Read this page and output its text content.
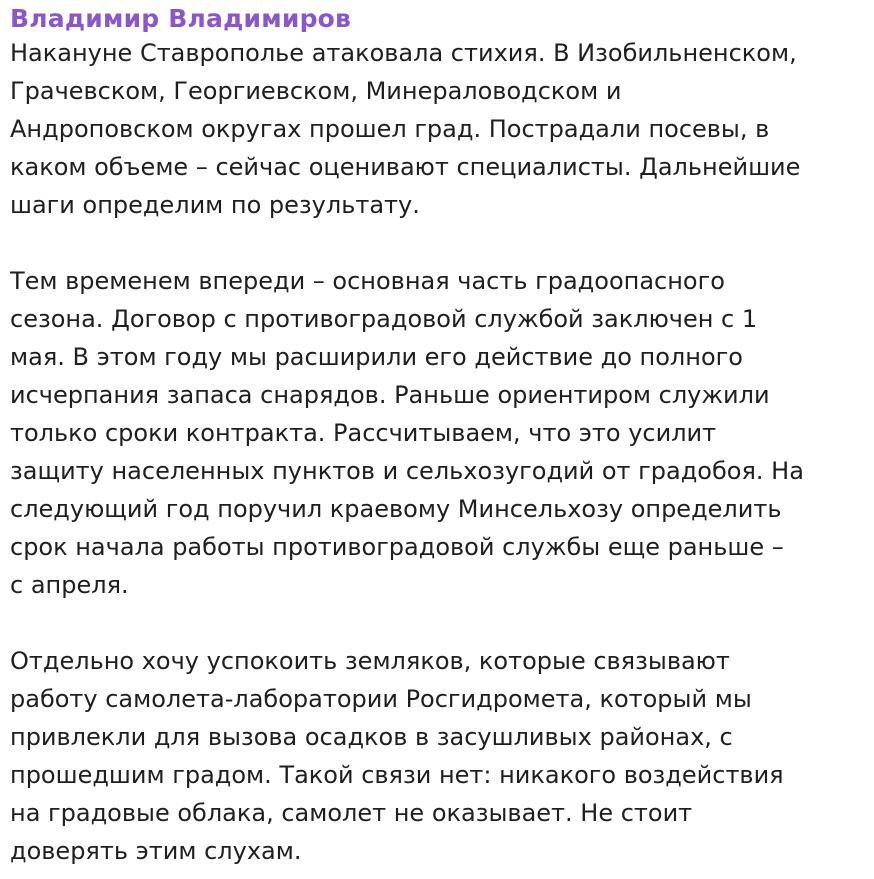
Владимир Владимиров
Накануне Ставрополье атаковала стихия. В Изобильненском,
Грачевском, Георгиевском, Минераловодском и
Андроповском округах прошел град. Пострадали посевы, в
каком объеме – сейчас оценивают специалисты. Дальнейшие
шаги определим по результату.
Тем временем впереди – основная часть градоопасного
сезона. Договор с противоградовой службой заключен с 1
мая. В этом году мы расширили его действие до полного
исчерпания запаса снарядов. Раньше ориентиром служили
только сроки контракта. Рассчитываем, что это усилит
защиту населенных пунктов и сельхозугодий от градобоя. На
следующий год поручил краевому Минсельхозу определить
срок начала работы противоградовой службы еще раньше –
с апреля.
Отдельно хочу успокоить земляков, которые связывают
работу самолета-лаборатории Росгидромета, который мы
привлекли для вызова осадков в засушливых районах, с
прошедшим градом. Такой связи нет: никакого воздействия
на градовые облака, самолет не оказывает. Не стоит
доверять этим слухам.
